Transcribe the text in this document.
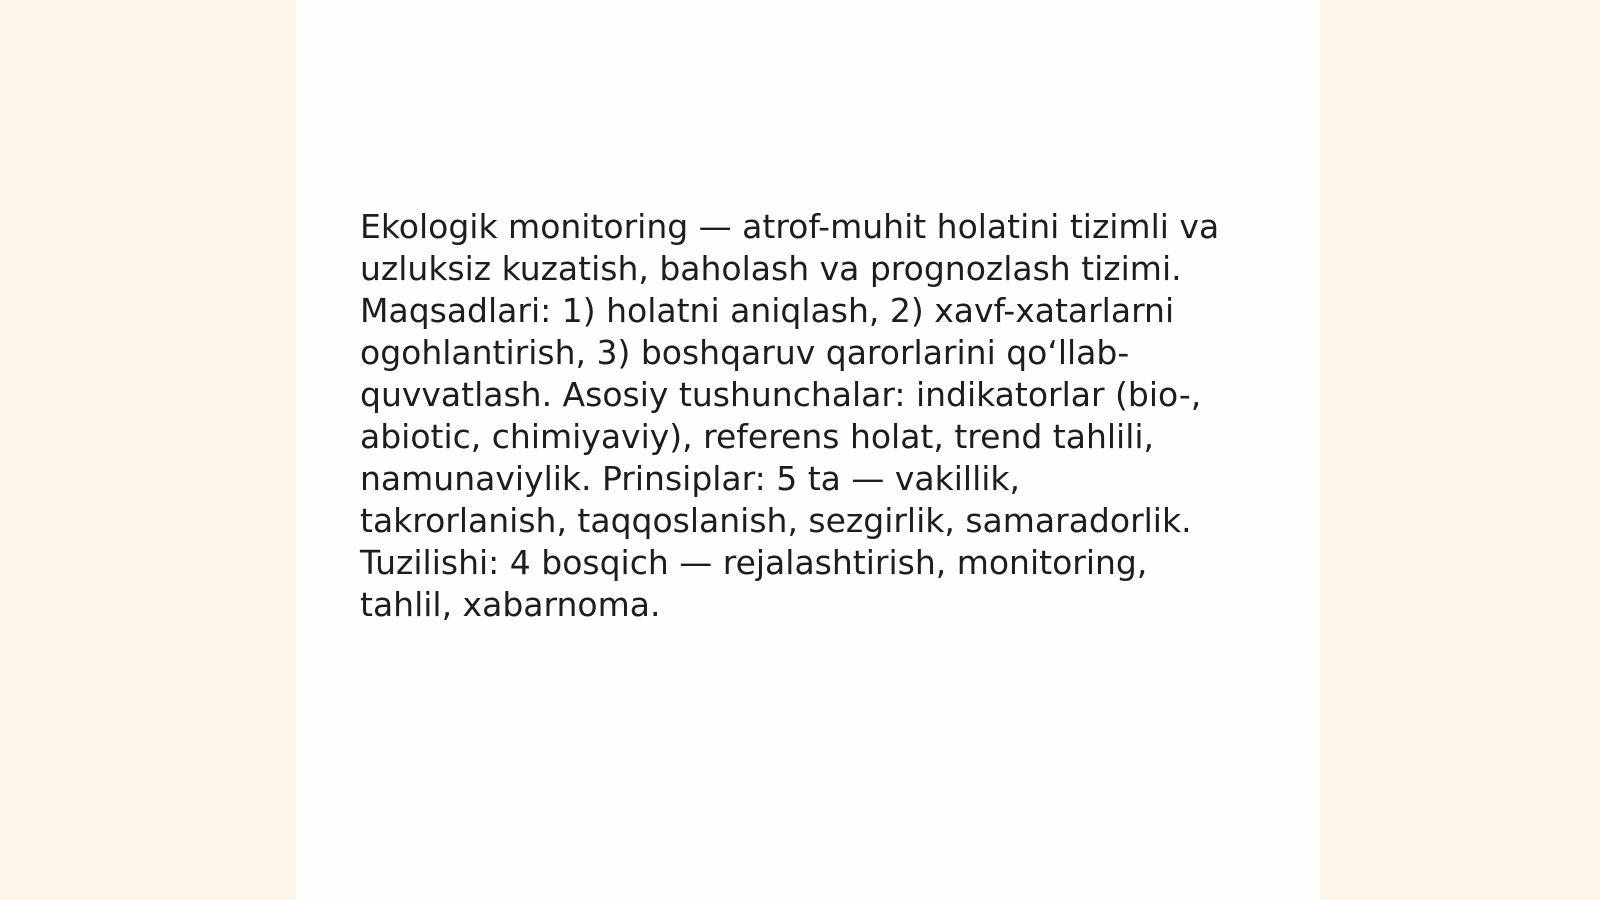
Ekologik monitoring — atrof-muhit holatini tizimli va uzluksiz kuzatish, baholash va prognozlash tizimi. Maqsadlari: 1) holatni aniqlash, 2) xavf-xatarlarni ogohlantirish, 3) boshqaruv qarorlarini qo‘llab-quvvatlash. Asosiy tushunchalar: indikatorlar (bio-, abiotic, chimiyaviy), referens holat, trend tahlili, namunaviylik. Prinsiplar: 5 ta — vakillik, takrorlanish, taqqoslanish, sezgirlik, samaradorlik. Tuzilishi: 4 bosqich — rejalashtirish, monitoring, tahlil, xabarnoma.
